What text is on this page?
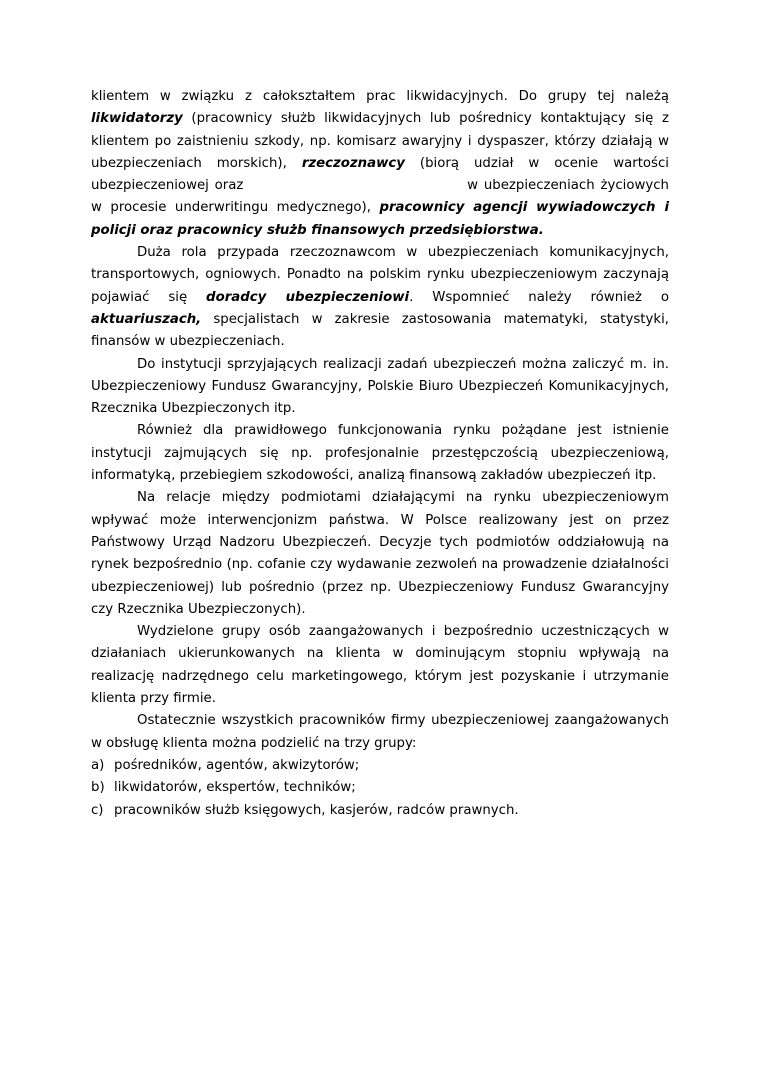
klientem w związku z całokształtem prac likwidacyjnych. Do grupy tej należą likwidatorzy (pracownicy służb likwidacyjnych lub pośrednicy kontaktujący się z klientem po zaistnieniu szkody, np. komisarz awaryjny i dyspaszer, którzy działają w ubezpieczeniach morskich), rzeczoznawcy (biorą udział w ocenie wartości ubezpieczeniowej oraz	w ubezpieczeniach życiowych w procesie underwritingu medycznego), pracownicy agencji wywiadowczych i policji oraz pracownicy służb finansowych przedsiębiorstwa.

Duża rola przypada rzeczoznawcom w ubezpieczeniach komunikacyjnych, transportowych, ogniowych. Ponadto na polskim rynku ubezpieczeniowym zaczynają pojawiać się doradcy ubezpieczeniowi. Wspomnieć należy również o aktuariuszach, specjalistach w zakresie zastosowania matematyki, statystyki, finansów w ubezpieczeniach.

Do instytucji sprzyjających realizacji zadań ubezpieczeń można zaliczyć m. in. Ubezpieczeniowy Fundusz Gwarancyjny, Polskie Biuro Ubezpieczeń Komunikacyjnych, Rzecznika Ubezpieczonych itp.

Również dla prawidłowego funkcjonowania rynku pożądane jest istnienie instytucji zajmujących się np. profesjonalnie przestępczością ubezpieczeniową, informatyką, przebiegiem szkodowości, analizą finansową zakładów ubezpieczeń itp.

Na relacje między podmiotami działającymi na rynku ubezpieczeniowym wpływać może interwencjonizm państwa. W Polsce realizowany jest on przez Państwowy Urząd Nadzoru Ubezpieczeń. Decyzje tych podmiotów oddziałowują na rynek bezpośrednio (np. cofanie czy wydawanie zezwoleń na prowadzenie działalności ubezpieczeniowej) lub pośrednio (przez np. Ubezpieczeniowy Fundusz Gwarancyjny czy Rzecznika Ubezpieczonych).

Wydzielone grupy osób zaangażowanych i bezpośrednio uczestniczących w działaniach ukierunkowanych na klienta w dominującym stopniu wpływają na realizację nadrzędnego celu marketingowego, którym jest pozyskanie i utrzymanie klienta przy firmie.

Ostatecznie wszystkich pracowników firmy ubezpieczeniowej zaangażowanych w obsługę klienta można podzielić na trzy grupy:

a) pośredników, agentów, akwizytorów;
b) likwidatorów, ekspertów, techników;
c) pracowników służb księgowych, kasjerów, radców prawnych.
